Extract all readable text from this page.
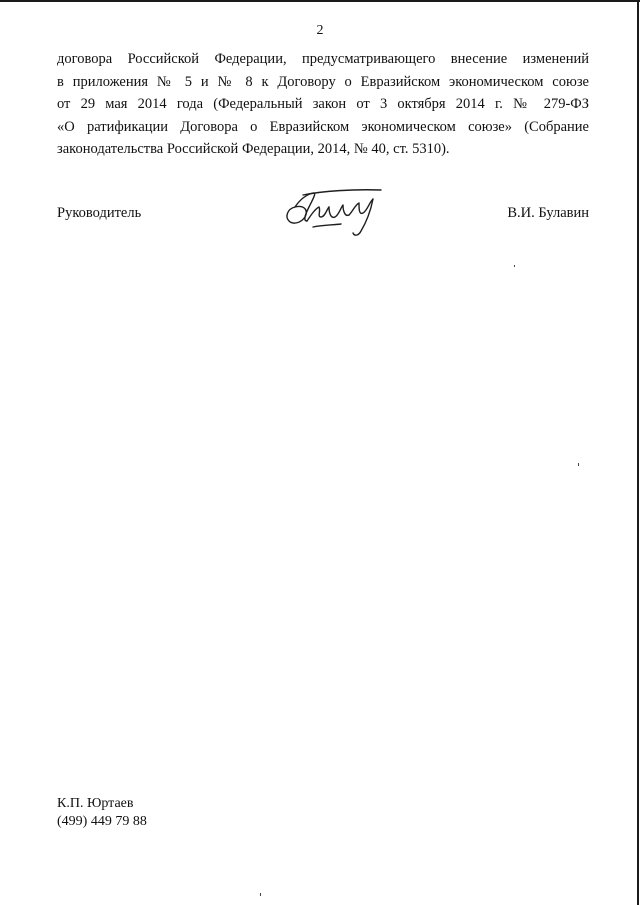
2
договора Российской Федерации, предусматривающего внесение изменений
в приложения № 5 и № 8 к Договору о Евразийском экономическом союзе
от 29 мая 2014 года (Федеральный закон от 3 октября 2014 г. № 279-ФЗ
«О ратификации Договора о Евразийском экономическом союзе» (Собрание
законодательства Российской Федерации, 2014, № 40, ст. 5310).
Руководитель	В.И. Булавин
К.П. Юртаев
(499) 449 79 88
